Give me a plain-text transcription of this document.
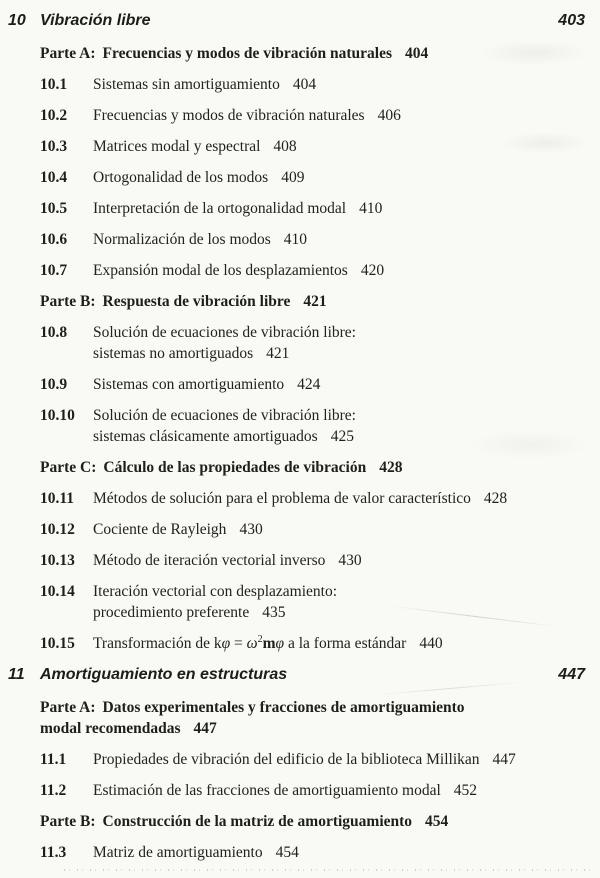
10 Vibración libre	403
Parte A: Frecuencias y modos de vibración naturales 404
10.1	Sistemas sin amortiguamiento 404
10.2	Frecuencias y modos de vibración naturales 406
10.3	Matrices modal y espectral 408
10.4	Ortogonalidad de los modos 409
10.5	Interpretación de la ortogonalidad modal 410
10.6	Normalización de los modos 410
10.7	Expansión modal de los desplazamientos 420
Parte B: Respuesta de vibración libre 421
10.8	Solución de ecuaciones de vibración libre:
sistemas no amortiguados 421
10.9	Sistemas con amortiguamiento 424
10.10	Solución de ecuaciones de vibración libre:
sistemas clásicamente amortiguados 425
Parte C: Cálculo de las propiedades de vibración 428
10.11	Métodos de solución para el problema de valor característico 428
10.12	Cociente de Rayleigh 430
10.13	Método de iteración vectorial inverso 430
10.14	Iteración vectorial con desplazamiento:
procedimiento preferente 435
10.15	Transformación de $k\varphi = \omega^2m\varphi$ a la forma estándar 440
11 Amortiguamiento en estructuras	447
Parte A: Datos experimentales y fracciones de amortiguamiento
modal recomendadas 447
11.1	Propiedades de vibración del edificio de la biblioteca Millikan 447
11.2	Estimación de las fracciones de amortiguamiento modal 452
Parte B: Construcción de la matriz de amortiguamiento 454
11.3	Matriz de amortiguamiento 454
